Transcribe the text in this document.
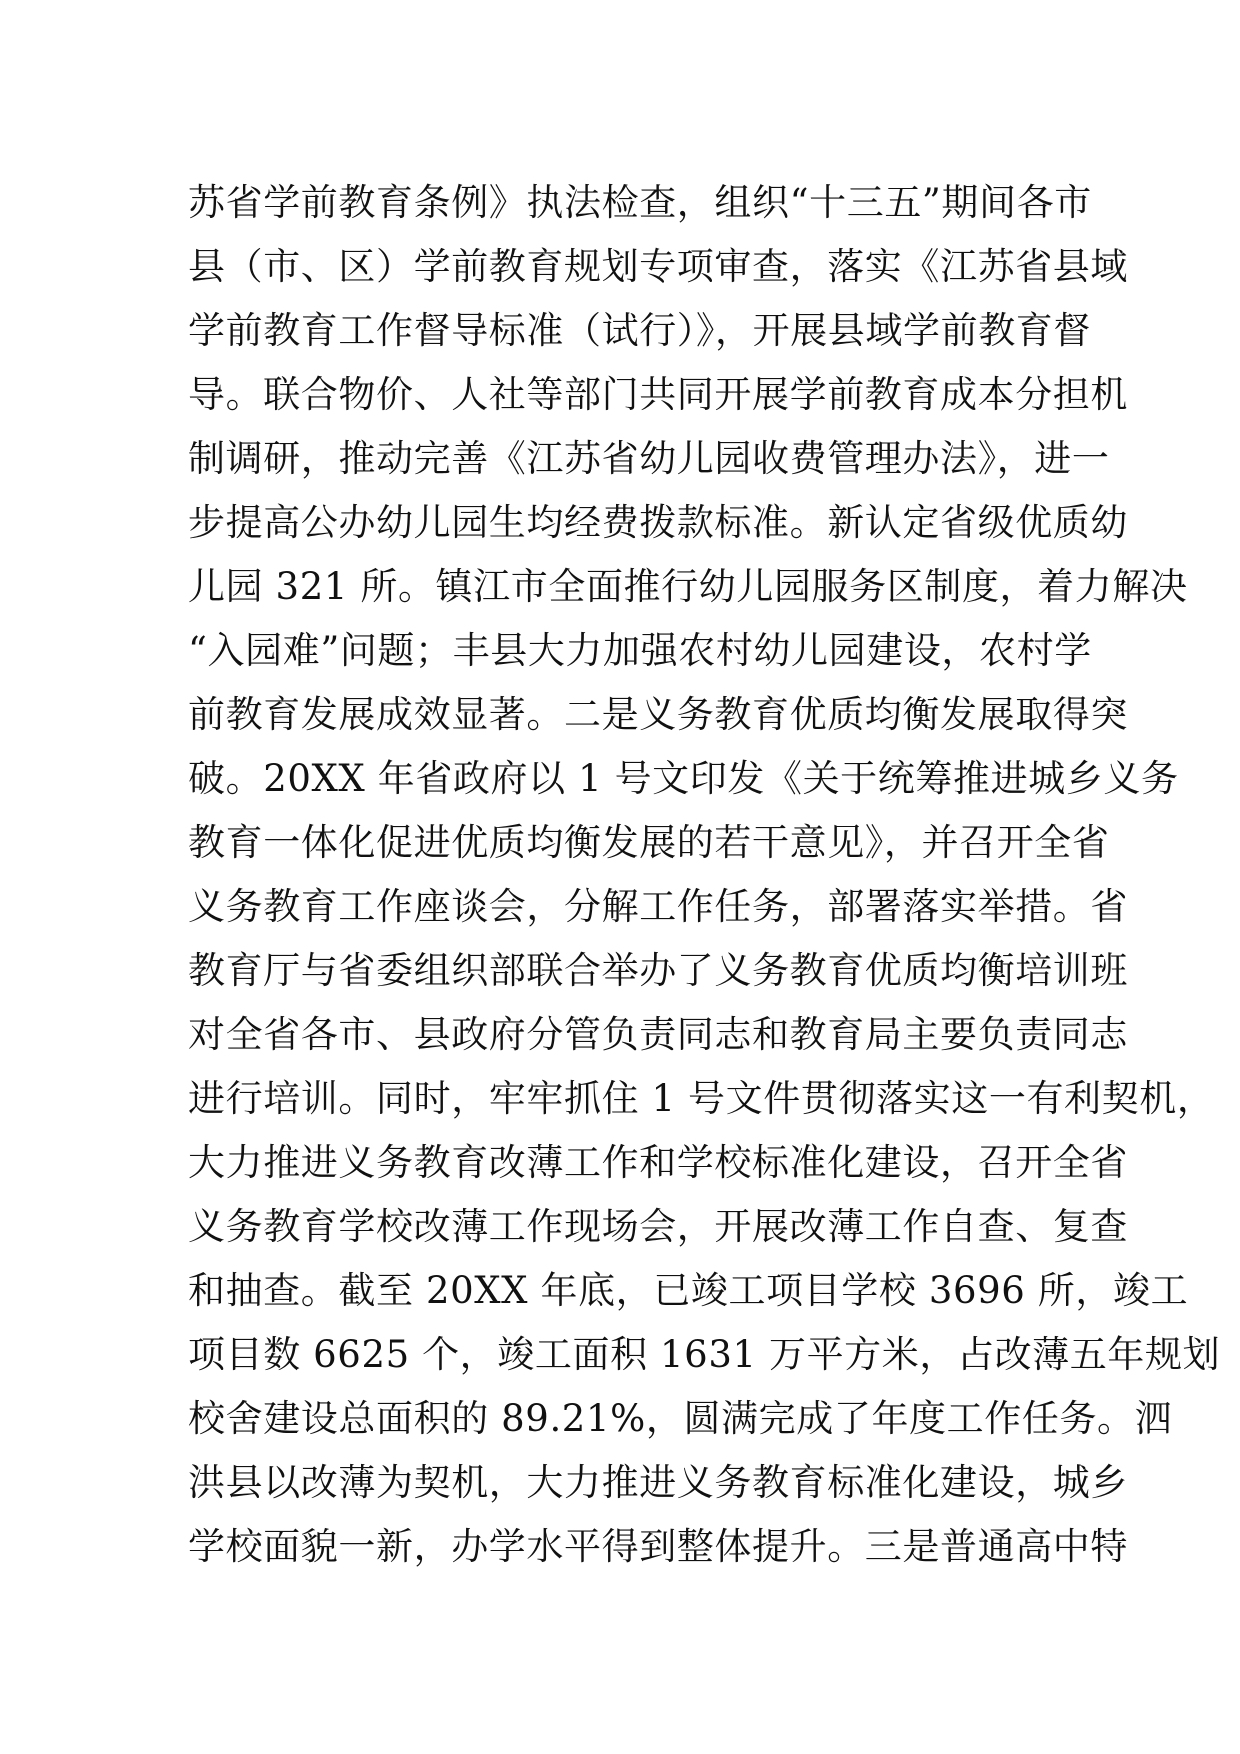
苏省学前教育条例》执法检查，组织“十三五”期间各市
县（市、区）学前教育规划专项审查，落实《江苏省县域
学前教育工作督导标准（试行）》，开展县域学前教育督
导。联合物价、人社等部门共同开展学前教育成本分担机
制调研，推动完善《江苏省幼儿园收费管理办法》，进一
步提高公办幼儿园生均经费拨款标准。新认定省级优质幼
儿园 321 所。镇江市全面推行幼儿园服务区制度，着力解决
“入园难”问题；丰县大力加强农村幼儿园建设，农村学
前教育发展成效显著。二是义务教育优质均衡发展取得突
破。20XX 年省政府以 1 号文印发《关于统筹推进城乡义务
教育一体化促进优质均衡发展的若干意见》，并召开全省
义务教育工作座谈会，分解工作任务，部署落实举措。省
教育厅与省委组织部联合举办了义务教育优质均衡培训班
对全省各市、县政府分管负责同志和教育局主要负责同志
进行培训。同时，牢牢抓住 1 号文件贯彻落实这一有利契机，
大力推进义务教育改薄工作和学校标准化建设，召开全省
义务教育学校改薄工作现场会，开展改薄工作自查、复查
和抽查。截至 20XX 年底，已竣工项目学校 3696 所，竣工
项目数 6625 个，竣工面积 1631 万平方米，占改薄五年规划
校舍建设总面积的 89.21%，圆满完成了年度工作任务。泗
洪县以改薄为契机，大力推进义务教育标准化建设，城乡
学校面貌一新，办学水平得到整体提升。三是普通高中特
